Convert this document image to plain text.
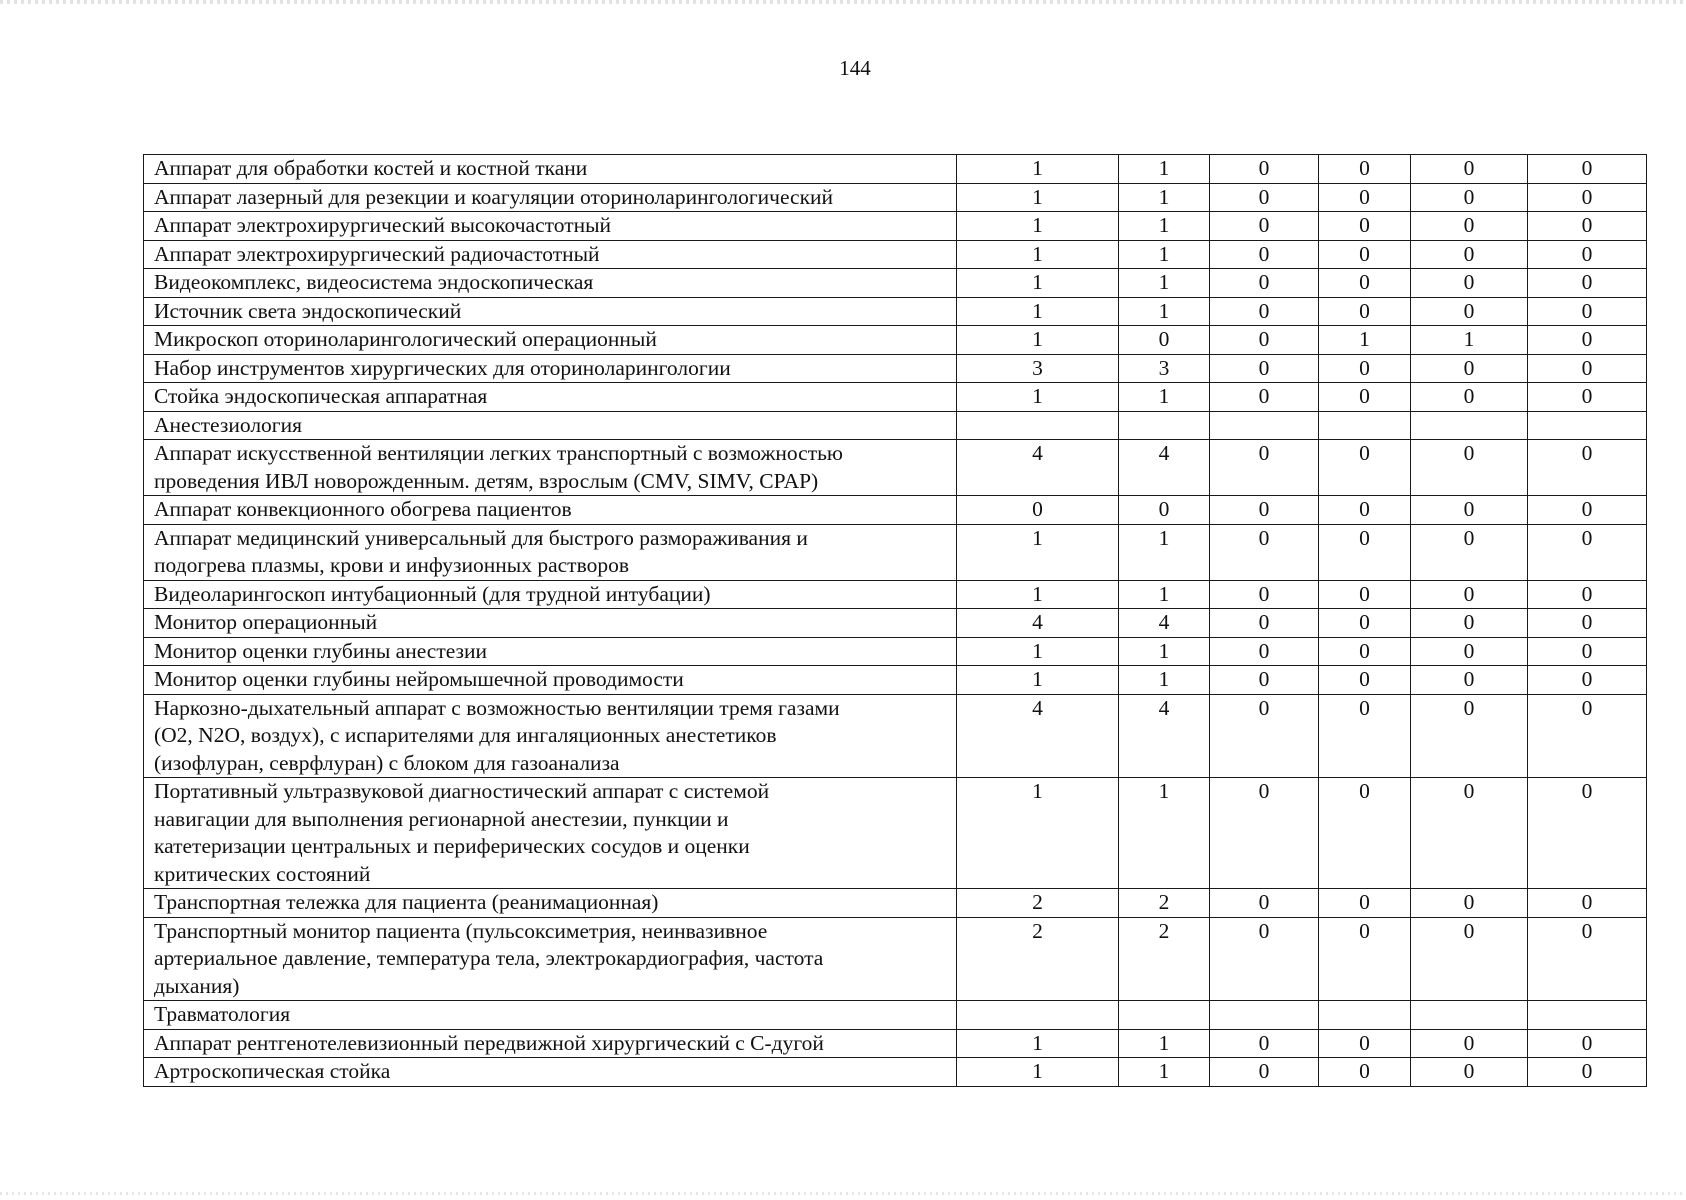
144
Аппарат для обработки костей и костной ткани	1	1	0	0	0	0
Аппарат лазерный для резекции и коагуляции оториноларингологический	1	1	0	0	0	0
Аппарат электрохирургический высокочастотный	1	1	0	0	0	0
Аппарат электрохирургический радиочастотный	1	1	0	0	0	0
Видеокомплекс, видеосистема эндоскопическая	1	1	0	0	0	0
Источник света эндоскопический	1	1	0	0	0	0
Микроскоп оториноларингологический операционный	1	0	0	1	1	0
Набор инструментов хирургических для оториноларингологии	3	3	0	0	0	0
Стойка эндоскопическая аппаратная	1	1	0	0	0	0
Анестезиология						
Аппарат искусственной вентиляции легких транспортный с возможностью
проведения ИВЛ новорожденным. детям, взрослым (CMV, SIMV, CPAP)	4	4	0	0	0	0
Аппарат конвекционного обогрева пациентов	0	0	0	0	0	0
Аппарат медицинский универсальный для быстрого размораживания и
подогрева плазмы, крови и инфузионных растворов	1	1	0	0	0	0
Видеоларингоскоп интубационный (для трудной интубации)	1	1	0	0	0	0
Монитор операционный	4	4	0	0	0	0
Монитор оценки глубины анестезии	1	1	0	0	0	0
Монитор оценки глубины нейромышечной проводимости	1	1	0	0	0	0
Наркозно-дыхательный аппарат с возможностью вентиляции тремя газами
(O2, N2O, воздух), с испарителями для ингаляционных анестетиков
(изофлуран, севрфлуран) с блоком для газоанализа	4	4	0	0	0	0
Портативный ультразвуковой диагностический аппарат с системой
навигации для выполнения регионарной анестезии, пункции и
катетеризации центральных и периферических сосудов и оценки
критических состояний	1	1	0	0	0	0
Транспортная тележка для пациента (реанимационная)	2	2	0	0	0	0
Транспортный монитор пациента (пульсоксиметрия, неинвазивное
артериальное давление, температура тела, электрокардиография, частота
дыхания)	2	2	0	0	0	0
Травматология						
Аппарат рентгенотелевизионный передвижной хирургический с С-дугой	1	1	0	0	0	0
Артроскопическая стойка	1	1	0	0	0	0
